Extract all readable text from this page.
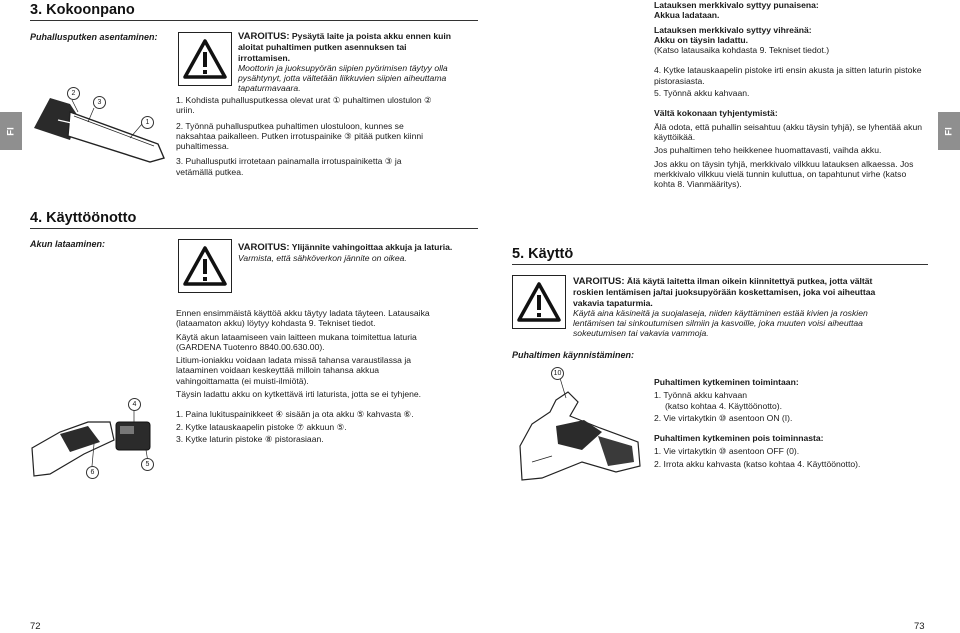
3. Kokoonpano
Puhallusputken asentaminen:
FI
2
3
1

VAROITUS: Pysäytä laite ja poista akku ennen kuin aloitat puhaltimen putken asennuksen tai irrottamisen.

Moottorin ja juoksupyörän siipien pyörimisen täytyy olla pysähtynyt, jotta vältetään liikkuvien siipien aiheuttama tapaturmavaara.

1. Kohdista puhallusputkessa olevat urat ① puhaltimen ulostulon ② uriin.

2. Työnnä puhallusputkea puhaltimen ulostuloon, kunnes se naksahtaa paikalleen. Putken irrotuspainike ③ pitää putken kiinni puhaltimessa.

3. Puhallusputki irrotetaan painamalla irrotuspainiketta ③ ja vetämällä putkea.

4. Käyttöönotto
Akun lataaminen:	VAROITUS: Ylijännite vahingoittaa akkuja ja laturia.

Varmista, että sähköverkon jännite on oikea.

4
6
5

Ennen ensimmäistä käyttöä akku täytyy ladata täyteen. Latausaika (lataamaton akku) löytyy kohdasta 9. Tekniset tiedot.

Käytä akun lataamiseen vain laitteen mukana toimitettua laturia (GARDENA Tuotenro 8840.00.630.00).

Litium-ioniakku voidaan ladata missä tahansa varaustilassa ja lataaminen voidaan keskeyttää milloin tahansa akkua vahingoittamatta (ei muisti-ilmiötä).

Täysin ladattu akku on kytkettävä irti laturista, jotta se ei tyhjene.

1. Paina lukituspainikkeet ④ sisään ja ota akku ⑤ kahvasta ⑥.

2. Kytke latauskaapelin pistoke ⑦ akkuun ⑤.

3. Kytke laturin pistoke ⑧ pistorasiaan.

72

Latauksen merkkivalo syttyy punaisena:

Akkua ladataan.

Latauksen merkkivalo syttyy vihreänä:

Akku on täysin ladattu.

(Katso latausaika kohdasta 9. Tekniset tiedot.)

4. Kytke latauskaapelin pistoke irti ensin akusta ja sitten laturin pistoke pistorasiasta.

5. Työnnä akku kahvaan.

Vältä kokonaan tyhjentymistä:

Älä odota, että puhallin seisahtuu (akku täysin tyhjä), se lyhentää akun käyttöikää.

Jos puhaltimen teho heikkenee huomattavasti, vaihda akku.

Jos akku on täysin tyhjä, merkkivalo vilkkuu latauksen alkaessa. Jos merkkivalo vilkkuu vielä tunnin kuluttua, on tapahtunut virhe (katso kohta 8. Vianmääritys).

FI
5. Käyttö

VAROITUS: Älä käytä laitetta ilman oikein kiinnitettyä putkea, jotta vältät roskien lentämisen ja/tai juoksupyörään koskettamisen, joka voi aiheuttaa vakavia tapaturmia.

Käytä aina käsineitä ja suojalaseja, niiden käyttäminen estää kivien ja roskien lentämisen tai sinkoutumisen silmiin ja kasvoille, joka muuten voisi aiheuttaa sokeutumisen tai vakavia vammoja.

Puhaltimen käynnistäminen:
10

Puhaltimen kytkeminen toimintaan:

1. Työnnä akku kahvaan

(katso kohtaa 4. Käyttöönotto).

2. Vie virtakytkin ⑩ asentoon ON (I).

Puhaltimen kytkeminen pois toiminnasta:

1. Vie virtakytkin ⑩ asentoon OFF (0).

2. Irrota akku kahvasta (katso kohtaa 4. Käyttöönotto).

73
